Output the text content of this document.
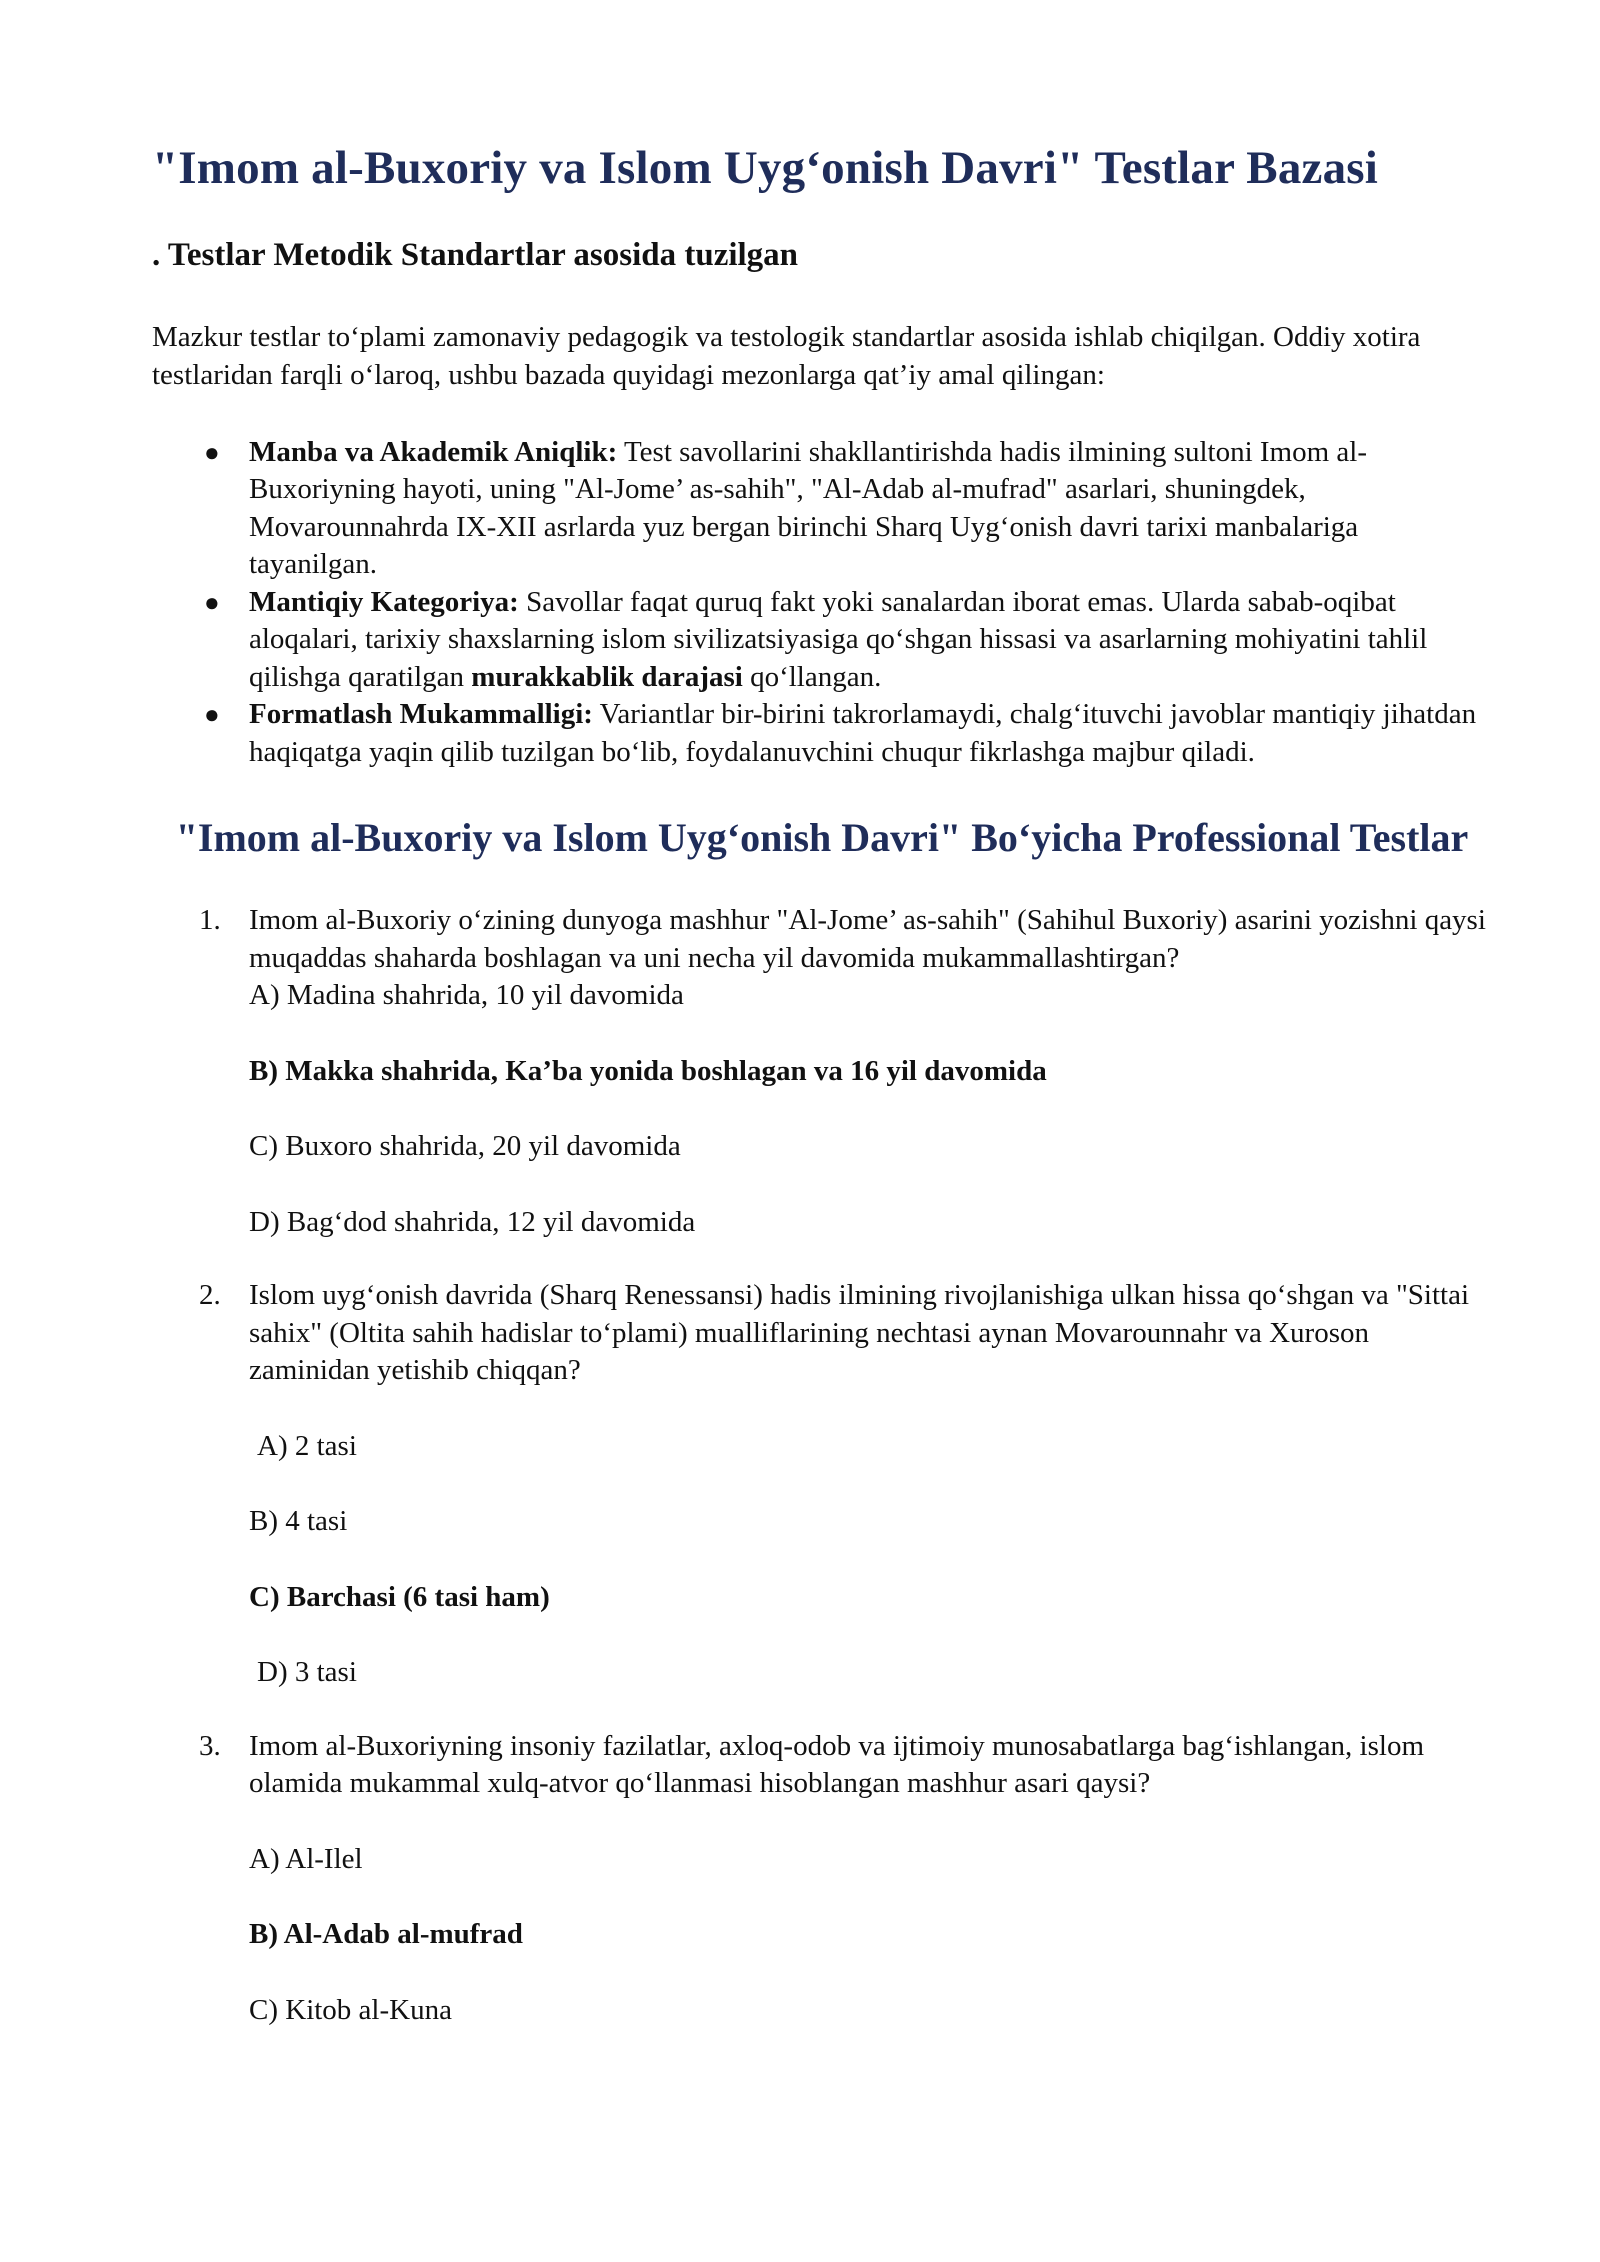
"Imom al-Buxoriy va Islom Uyg‘onish Davri" Testlar Bazasi
. Testlar Metodik Standartlar asosida tuzilgan

Mazkur testlar to‘plami zamonaviy pedagogik va testologik standartlar asosida ishlab chiqilgan. Oddiy xotira testlaridan farqli o‘laroq, ushbu bazada quyidagi mezonlarga qat’iy amal qilingan:

● Manba va Akademik Aniqlik: Test savollarini shakllantirishda hadis ilmining sultoni Imom al-Buxoriyning hayoti, uning "Al-Jome’ as-sahih", "Al-Adab al-mufrad" asarlari, shuningdek, Movarounnahrda IX-XII asrlarda yuz bergan birinchi Sharq Uyg‘onish davri tarixi manbalariga tayanilgan.
● Mantiqiy Kategoriya: Savollar faqat quruq fakt yoki sanalardan iborat emas. Ularda sabab-oqibat aloqalari, tarixiy shaxslarning islom sivilizatsiyasiga qo‘shgan hissasi va asarlarning mohiyatini tahlil qilishga qaratilgan murakkablik darajasi qo‘llangan.
● Formatlash Mukammalligi: Variantlar bir-birini takrorlamaydi, chalg‘ituvchi javoblar mantiqiy jihatdan haqiqatga yaqin qilib tuzilgan bo‘lib, foydalanuvchini chuqur fikrlashga majbur qiladi.
"Imom al-Buxoriy va Islom Uyg‘onish Davri" Bo‘yicha Professional Testlar
1. Imom al-Buxoriy o‘zining dunyoga mashhur "Al-Jome’ as-sahih" (Sahihul Buxoriy) asarini yozishni qaysi muqaddas shaharda boshlagan va uni necha yil davomida mukammallashtirgan?

A) Madina shahrida, 10 yil davomida

B) Makka shahrida, Ka’ba yonida boshlagan va 16 yil davomida

C) Buxoro shahrida, 20 yil davomida

D) Bag‘dod shahrida, 12 yil davomida

2. Islom uyg‘onish davrida (Sharq Renessansi) hadis ilmining rivojlanishiga ulkan hissa qo‘shgan va "Sittai sahix" (Oltita sahih hadislar to‘plami) mualliflarining nechtasi aynan Movarounnahr va Xuroson zaminidan yetishib chiqqan?

A) 2 tasi

B) 4 tasi

C) Barchasi (6 tasi ham)

D) 3 tasi

3. Imom al-Buxoriyning insoniy fazilatlar, axloq-odob va ijtimoiy munosabatlarga bag‘ishlangan, islom olamida mukammal xulq-atvor qo‘llanmasi hisoblangan mashhur asari qaysi?

A) Al-Ilel

B) Al-Adab al-mufrad

C) Kitob al-Kuna
